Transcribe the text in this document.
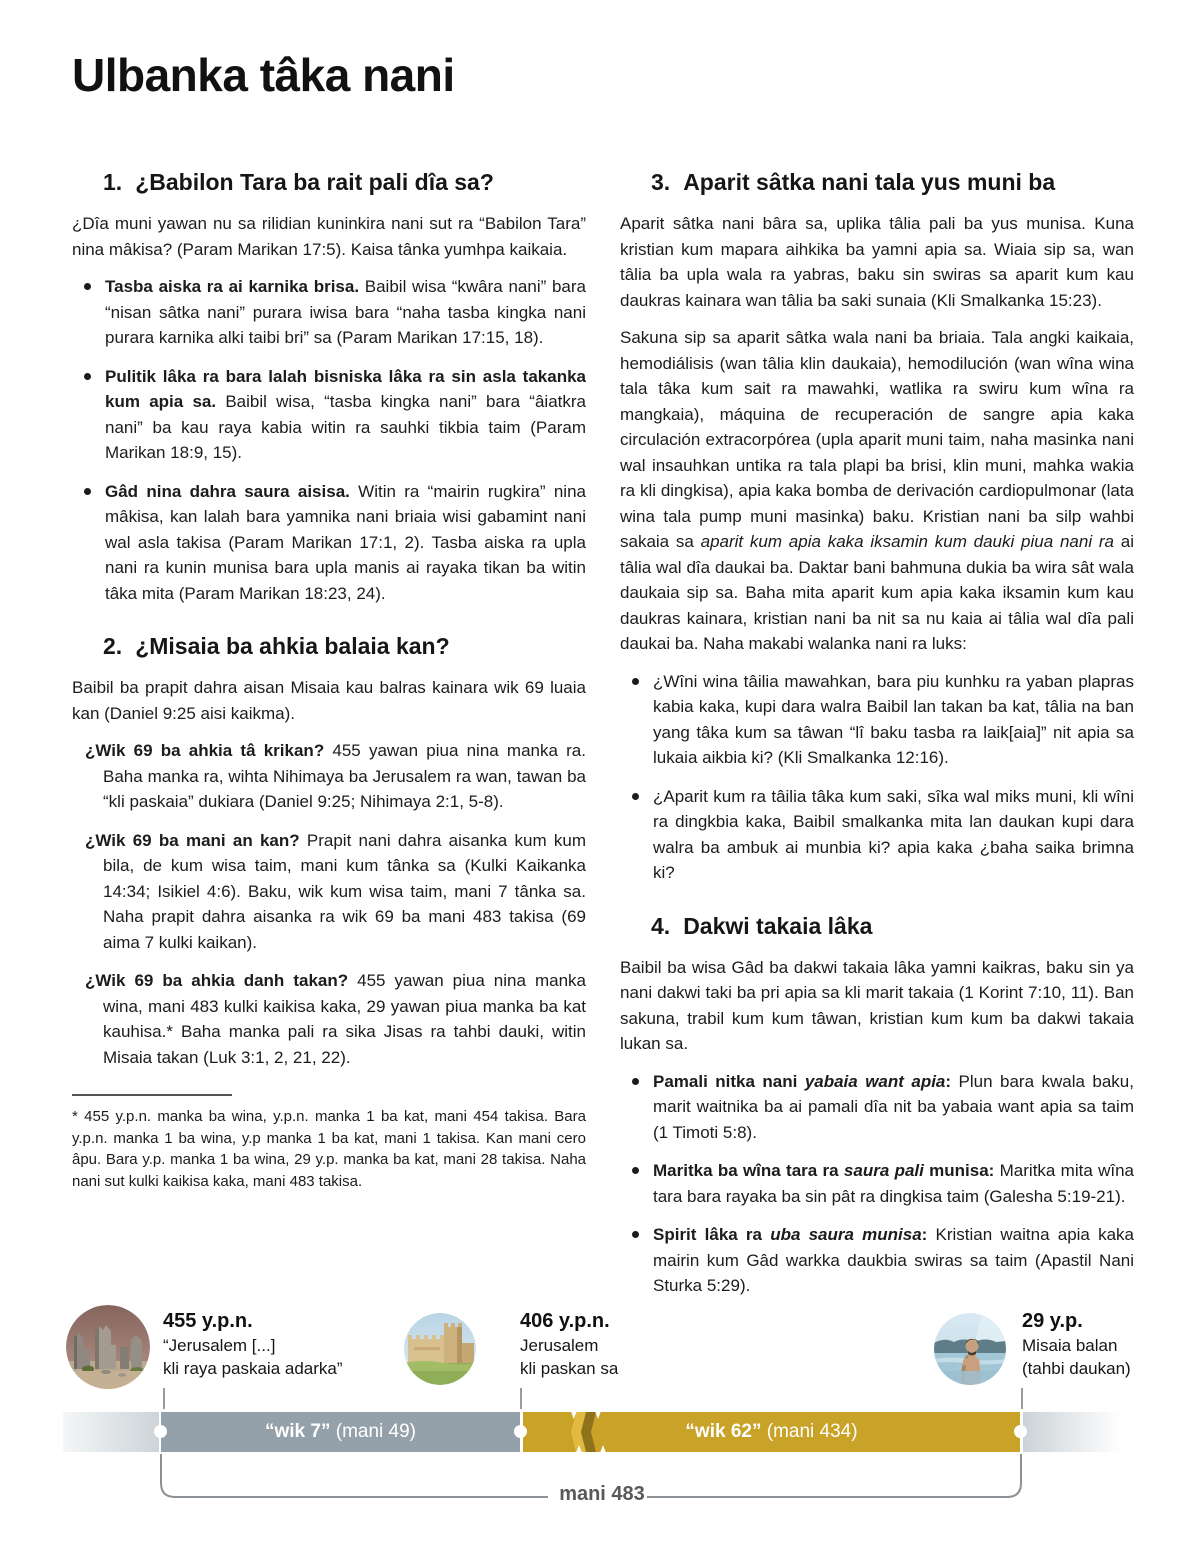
Ulbanka tâka nani
1. ¿Babilon Tara ba rait pali dîa sa?

¿Dîa muni yawan nu sa rilidian kuninkira nani sut ra “Babilon Tara” nina mâkisa? (Param Marikan 17:5). Kaisa tânka yumhpa kaikaia.

Tasba aiska ra ai karnika brisa. Baibil wisa “kwâra nani” bara “nisan sâtka nani” purara iwisa bara “naha tasba kingka nani purara karnika alki taibi bri” sa (Param Marikan 17:15, 18).
Pulitik lâka ra bara lalah bisniska lâka ra sin asla takanka kum apia sa. Baibil wisa, “tasba kingka nani” bara “âiatkra nani” ba kau raya kabia witin ra sauhki tikbia taim (Param Marikan 18:9, 15).
Gâd nina dahra saura aisisa. Witin ra “mairin rugkira” nina mâkisa, kan lalah bara yamnika nani briaia wisi gabamint nani wal asla takisa (Param Marikan 17:1, 2). Tasba aiska ra upla nani ra kunin munisa bara upla manis ai rayaka tikan ba witin tâka mita (Param Marikan 18:23, 24).
2. ¿Misaia ba ahkia balaia kan?

Baibil ba prapit dahra aisan Misaia kau balras kainara wik 69 luaia kan (Daniel 9:25 aisi kaikma).

¿Wik 69 ba ahkia tâ krikan? 455 yawan piua nina manka ra. Baha manka ra, wihta Nihimaya ba Jerusalem ra wan, tawan ba “kli paskaia” dukiara (Daniel 9:25; Nihimaya 2:1, 5-8).

¿Wik 69 ba mani an kan? Prapit nani dahra aisanka kum kum bila, de kum wisa taim, mani kum tânka sa (Kulki Kaikanka 14:34; Isikiel 4:6). Baku, wik kum wisa taim, mani 7 tânka sa. Naha prapit dahra aisanka ra wik 69 ba mani 483 takisa (69 aima 7 kulki kaikan).

¿Wik 69 ba ahkia danh takan? 455 yawan piua nina manka wina, mani 483 kulki kaikisa kaka, 29 yawan piua manka ba kat kauhisa.* Baha manka pali ra sika Jisas ra tahbi dauki, witin Misaia takan (Luk 3:1, 2, 21, 22).

* 455 y.p.n. manka ba wina, y.p.n. manka 1 ba kat, mani 454 takisa. Bara y.p.n. manka 1 ba wina, y.p manka 1 ba kat, mani 1 takisa. Kan mani cero âpu. Bara y.p. manka 1 ba wina, 29 y.p. manka ba kat, mani 28 takisa. Naha nani sut kulki kaikisa kaka, mani 483 takisa.

3. Aparit sâtka nani tala yus muni ba

Aparit sâtka nani bâra sa, uplika tâlia pali ba yus munisa. Kuna kristian kum mapara aihkika ba yamni apia sa. Wiaia sip sa, wan tâlia ba upla wala ra yabras, baku sin swiras sa aparit kum kau daukras kainara wan tâlia ba saki sunaia (Kli Smalkanka 15:23).

Sakuna sip sa aparit sâtka wala nani ba briaia. Tala angki kaikaia, hemodiálisis (wan tâlia klin daukaia), hemodilución (wan wîna wina tala tâka kum sait ra mawahki, watlika ra swiru kum wîna ra mangkaia), máquina de recuperación de sangre apia kaka circulación extracorpórea (upla aparit muni taim, naha masinka nani wal insauhkan untika ra tala plapi ba brisi, klin muni, mahka wakia ra kli dingkisa), apia kaka bomba de derivación cardiopulmonar (lata wina tala pump muni masinka) baku. Kristian nani ba silp wahbi sakaia sa aparit kum apia kaka iksamin kum dauki piua nani ra ai tâlia wal dîa daukai ba. Daktar bani bahmuna dukia ba wira sât wala daukaia sip sa. Baha mita aparit kum apia kaka iksamin kum kau daukras kainara, kristian nani ba nit sa nu kaia ai tâlia wal dîa pali daukai ba. Naha makabi walanka nani ra luks:

¿Wîni wina tâilia mawahkan, bara piu kunhku ra yaban plapras kabia kaka, kupi dara walra Baibil lan takan ba kat, tâlia na ban yang tâka kum sa tâwan “lî baku tasba ra laik[aia]” nit apia sa lukaia aikbia ki? (Kli Smalkanka 12:16).
¿Aparit kum ra tâilia tâka kum saki, sîka wal miks muni, kli wîni ra dingkbia kaka, Baibil smalkanka mita lan daukan kupi dara walra ba ambuk ai munbia ki? apia kaka ¿baha saika brimna ki?
4. Dakwi takaia lâka

Baibil ba wisa Gâd ba dakwi takaia lâka yamni kaikras, baku sin ya nani dakwi taki ba pri apia sa kli marit takaia (1 Korint 7:10, 11). Ban sakuna, trabil kum kum tâwan, kristian kum kum ba dakwi takaia lukan sa.

Pamali nitka nani yabaia want apia: Plun bara kwala baku, marit waitnika ba ai pamali dîa nit ba yabaia want apia sa taim (1 Timoti 5:8).
Maritka ba wîna tara ra saura pali munisa: Maritka mita wîna tara bara rayaka ba sin pât ra dingkisa taim (Galesha 5:19-21).
Spirit lâka ra uba saura munisa: Kristian waitna apia kaka mairin kum Gâd warkka daukbia swiras sa taim (Apastil Nani Sturka 5:29).
455 y.p.n.
“Jerusalem [...]
kli raya paskaia adarka”
406 y.p.n.
Jerusalem
kli paskan sa
29 y.p.
Misaia balan
(tahbi daukan)
“wik 7” (mani 49)	“wik 62” (mani 434)
mani 483
